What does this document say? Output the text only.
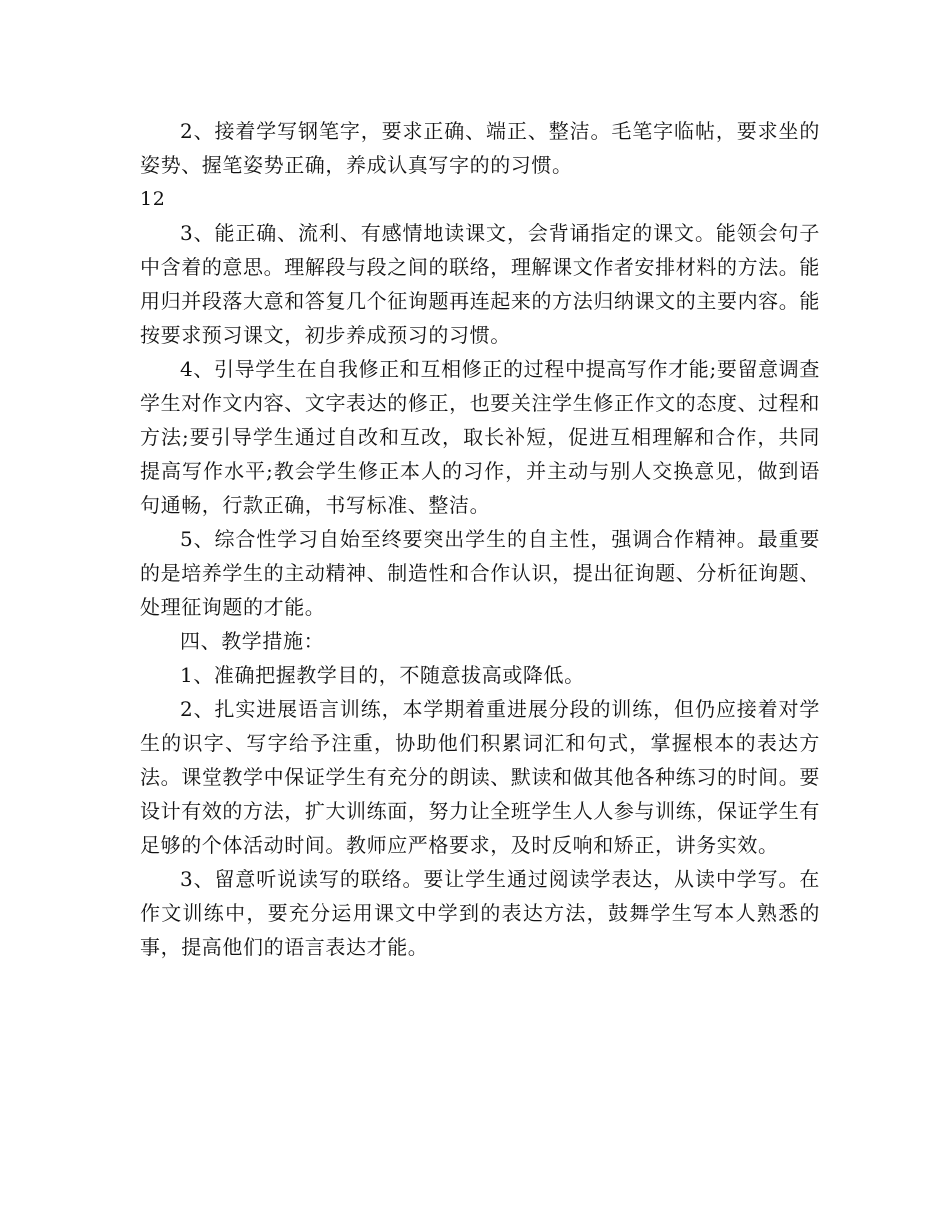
2、接着学写钢笔字，要求正确、端正、整洁。毛笔字临帖，要求坐的姿势、握笔姿势正确，养成认真写字的的习惯。

12

3、能正确、流利、有感情地读课文，会背诵指定的课文。能领会句子中含着的意思。理解段与段之间的联络，理解课文作者安排材料的方法。能用归并段落大意和答复几个征询题再连起来的方法归纳课文的主要内容。能按要求预习课文，初步养成预习的习惯。

4、引导学生在自我修正和互相修正的过程中提高写作才能;要留意调查学生对作文内容、文字表达的修正，也要关注学生修正作文的态度、过程和方法;要引导学生通过自改和互改，取长补短，促进互相理解和合作，共同提高写作水平;教会学生修正本人的习作，并主动与别人交换意见，做到语句通畅，行款正确，书写标准、整洁。

5、综合性学习自始至终要突出学生的自主性，强调合作精神。最重要的是培养学生的主动精神、制造性和合作认识，提出征询题、分析征询题、处理征询题的才能。

四、教学措施：

1、准确把握教学目的，不随意拔高或降低。

2、扎实进展语言训练，本学期着重进展分段的训练，但仍应接着对学生的识字、写字给予注重，协助他们积累词汇和句式，掌握根本的表达方法。课堂教学中保证学生有充分的朗读、默读和做其他各种练习的时间。要设计有效的方法，扩大训练面，努力让全班学生人人参与训练，保证学生有足够的个体活动时间。教师应严格要求，及时反响和矫正，讲务实效。

3、留意听说读写的联络。要让学生通过阅读学表达，从读中学写。在作文训练中，要充分运用课文中学到的表达方法，鼓舞学生写本人熟悉的事，提高他们的语言表达才能。
